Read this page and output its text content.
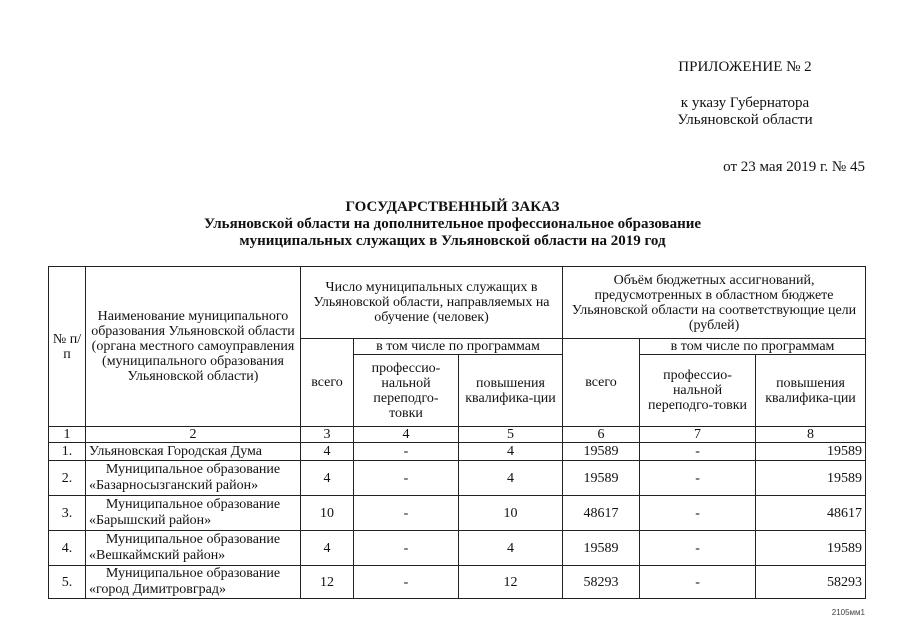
ПРИЛОЖЕНИЕ № 2
к указу Губернатора
Ульяновской области
от 23 мая 2019 г. № 45
ГОСУДАРСТВЕННЫЙ ЗАКАЗ
Ульяновской области на дополнительное профессиональное образование
муниципальных служащих в Ульяновской области на 2019 год
№ п/п	Наименование муниципального образования Ульяновской области (органа местного самоуправления (муниципального образования Ульяновской области)	Число муниципальных служащих в Ульяновской области, направляемых на обучение (человек)			Объём бюджетных ассигнований, предусмотренных в областном бюджете Ульяновской области на соответствующие цели (рублей)		
		всего	в том числе по программам		всего	в том числе по программам	
			профессио-нальной переподго-товки	повышения квалифика-ции		профессио-нальной переподго-товки	повышения квалифика-ции
1	2	3	4	5	6	7	8
1.	Ульяновская Городская Дума	4	-	4	19589	-	19589
2.	Муниципальное образование «Базарносызганский район»	4	-	4	19589	-	19589
3.	Муниципальное образование «Барышский район»	10	-	10	48617	-	48617
4.	Муниципальное образование «Вешкаймский район»	4	-	4	19589	-	19589
5.	Муниципальное образование «город Димитровград»	12	-	12	58293	-	58293
2105мм1
